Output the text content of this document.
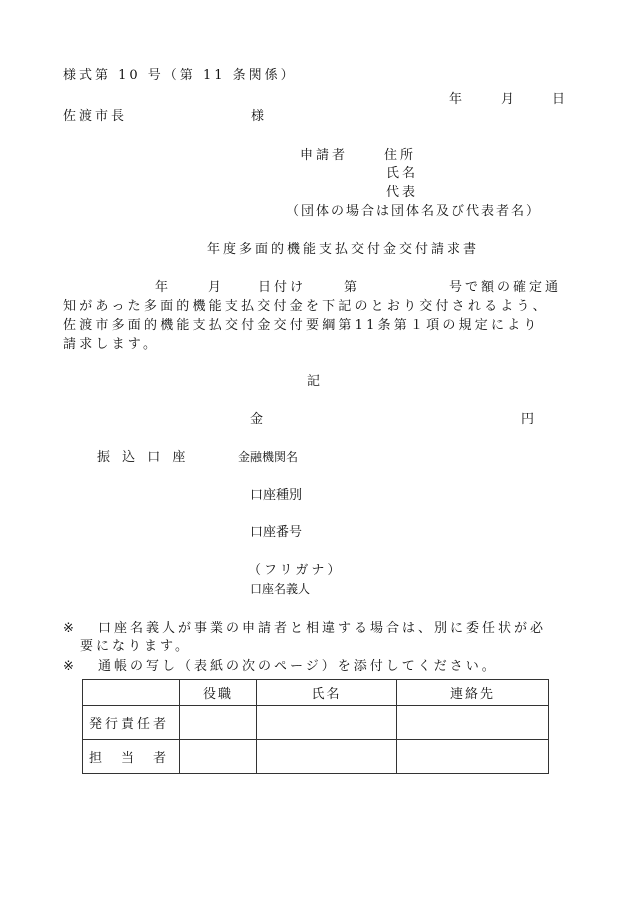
様式第 10 号（第 11 条関係）
年	月	日
佐渡市長	様
申請者	住所
氏名
代表
（団体の場合は団体名及び代表者名）
年度多面的機能支払交付金交付請求書
年	月	日付け	第	号で額の確定通
知があった多面的機能支払交付金を下記のとおり交付されるよう、
佐渡市多面的機能支払交付金交付要綱第11条第１項の規定により
請求します。
記
金	円
振 込 口 座	金融機関名
口座種別
口座番号
（フリガナ）
口座名義人
※ 口座名義人が事業の申請者と相違する場合は、別に委任状が必
要になります。
※ 通帳の写し（表紙の次のページ）を添付してください。
	役職	氏名	連絡先
発行責任者			
担　当　者			
